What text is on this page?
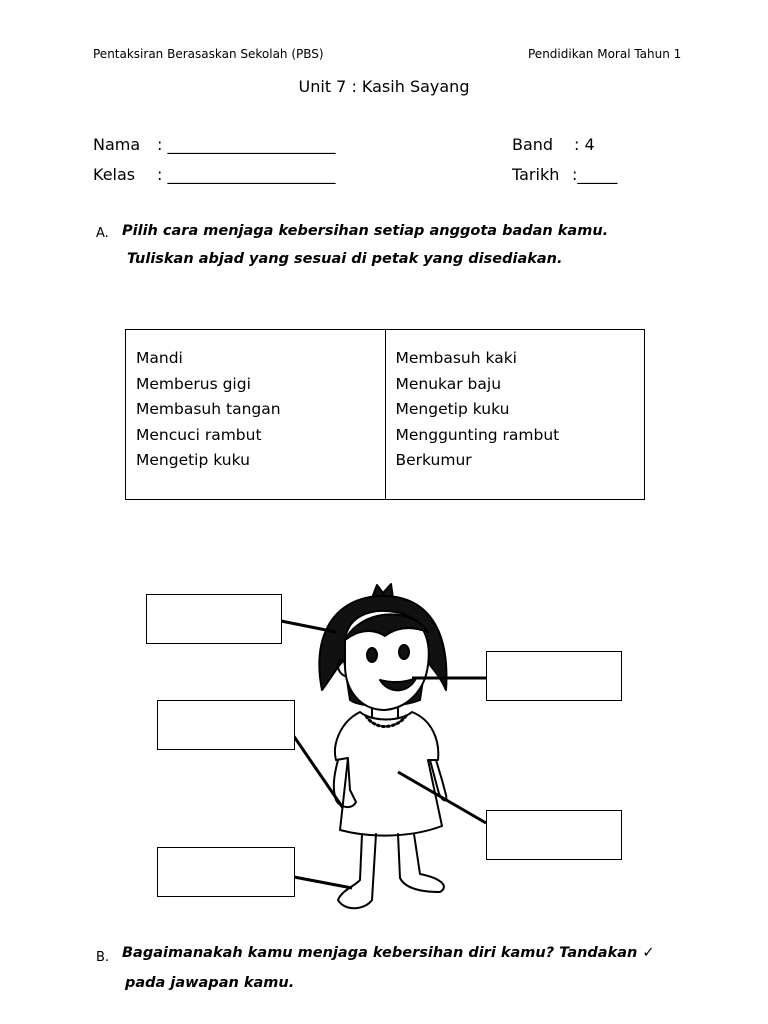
Pentaksiran Berasaskan Sekolah (PBS)	Pendidikan Moral Tahun 1
Unit 7 : Kasih Sayang
Nama : _____________________
Kelas : _____________________
Band : 4
Tarikh :_____
A. Pilih cara menjaga kebersihan setiap anggota badan kamu.
Tuliskan abjad yang sesuai di petak yang disediakan.
Mandi
Memberus gigi
Membasuh tangan
Mencuci rambut
Mengetip kuku

Membasuh kaki
Menukar baju
Mengetip kuku
Menggunting rambut
Berkumur
B. Bagaimanakah kamu menjaga kebersihan diri kamu? Tandakan ✓
pada jawapan kamu.
